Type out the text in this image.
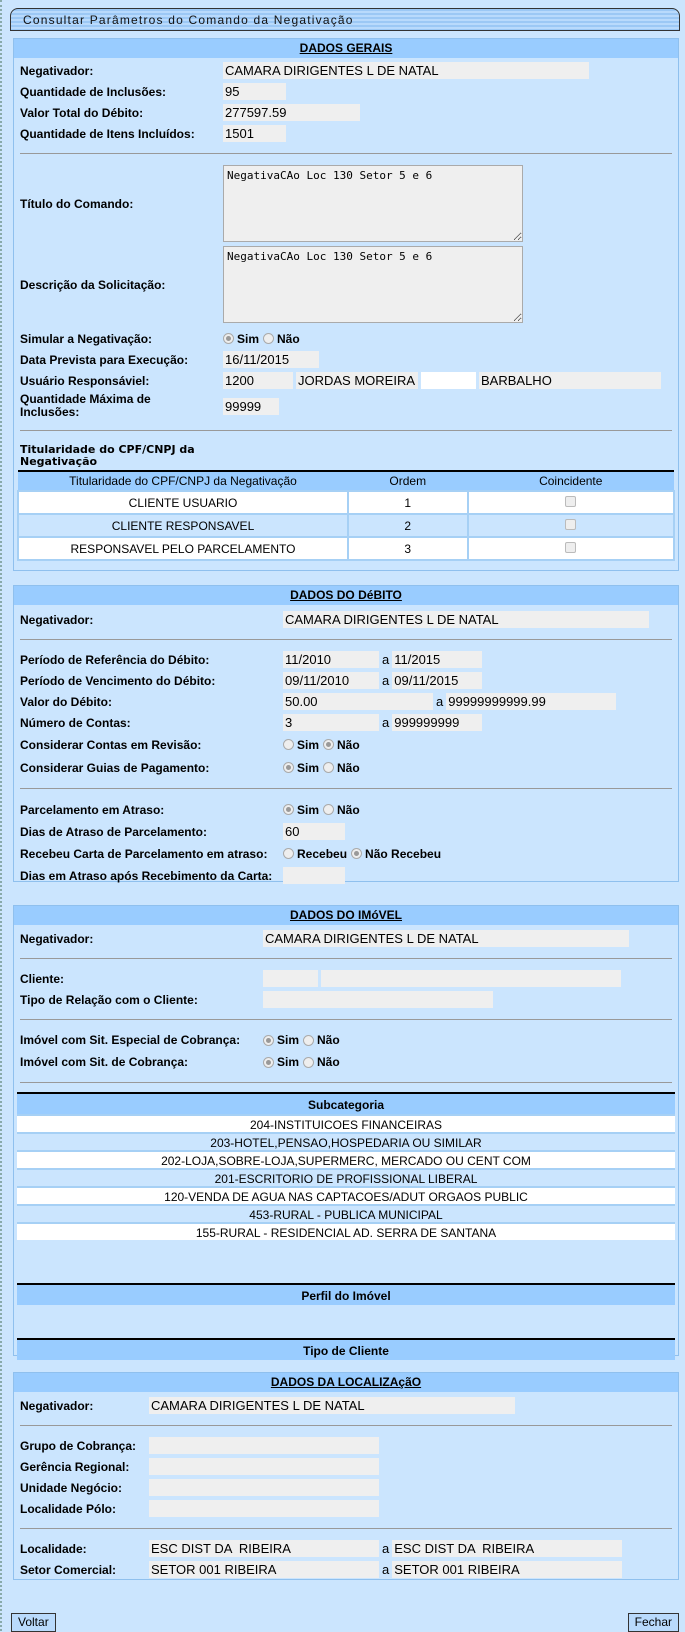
Consultar Parâmetros do Comando da Negativação
DADOS GERAIS
Negativador:	CAMARA DIRIGENTES L DE NATAL
Quantidade de Inclusões:	95
Valor Total do Débito:	277597.59
Quantidade de Itens Incluídos:	1501
Título do Comando:
NegativaCAo Loc 130 Setor 5 e 6
Descrição da Solicitação:
NegativaCAo Loc 130 Setor 5 e 6
Simular a Negativação:	Sim Não
Data Prevista para Execução:	16/11/2015
Usuário Responsáviel:	1200	JORDAS MOREIRA	BARBALHO
Quantidade Máxima de Inclusões:	99999
Titularidade do CPF/CNPJ da Negativação
Titularidade do CPF/CNPJ da Negativação	Ordem	Coincidente
CLIENTE USUARIO	1	
CLIENTE RESPONSAVEL	2	
RESPONSAVEL PELO PARCELAMENTO	3	
DADOS DO DéBITO
Negativador:	CAMARA DIRIGENTES L DE NATAL
Período de Referência do Débito:	11/2010	a 11/2015
Período de Vencimento do Débito:	09/11/2010	a 09/11/2015
Valor do Débito:	50.00	a 99999999999.99
Número de Contas:	3	a 999999999
Considerar Contas em Revisão:	Sim Não
Considerar Guias de Pagamento:	Sim Não
Parcelamento em Atraso:	Sim Não
Dias de Atraso de Parcelamento:	60
Recebeu Carta de Parcelamento em atraso:	Recebeu Não Recebeu
Dias em Atraso após Recebimento da Carta:
DADOS DO IMóVEL
Negativador:	CAMARA DIRIGENTES L DE NATAL
Cliente:
Tipo de Relação com o Cliente:
Imóvel com Sit. Especial de Cobrança:	Sim Não
Imóvel com Sit. de Cobrança:	Sim Não
Subcategoria
204-INSTITUICOES FINANCEIRAS
203-HOTEL,PENSAO,HOSPEDARIA OU SIMILAR
202-LOJA,SOBRE-LOJA,SUPERMERC, MERCADO OU CENT COM
201-ESCRITORIO DE PROFISSIONAL LIBERAL
120-VENDA DE AGUA NAS CAPTACOES/ADUT ORGAOS PUBLIC
453-RURAL - PUBLICA MUNICIPAL
155-RURAL - RESIDENCIAL AD. SERRA DE SANTANA
Perfil do Imóvel
Tipo de Cliente
DADOS DA LOCALIZAçãO
Negativador:	CAMARA DIRIGENTES L DE NATAL
Grupo de Cobrança:
Gerência Regional:
Unidade Negócio:
Localidade Pólo:
Localidade:	ESC DIST DA  RIBEIRA	a ESC DIST DA  RIBEIRA
Setor Comercial:	SETOR 001 RIBEIRA	a SETOR 001 RIBEIRA
Voltar	Fechar
